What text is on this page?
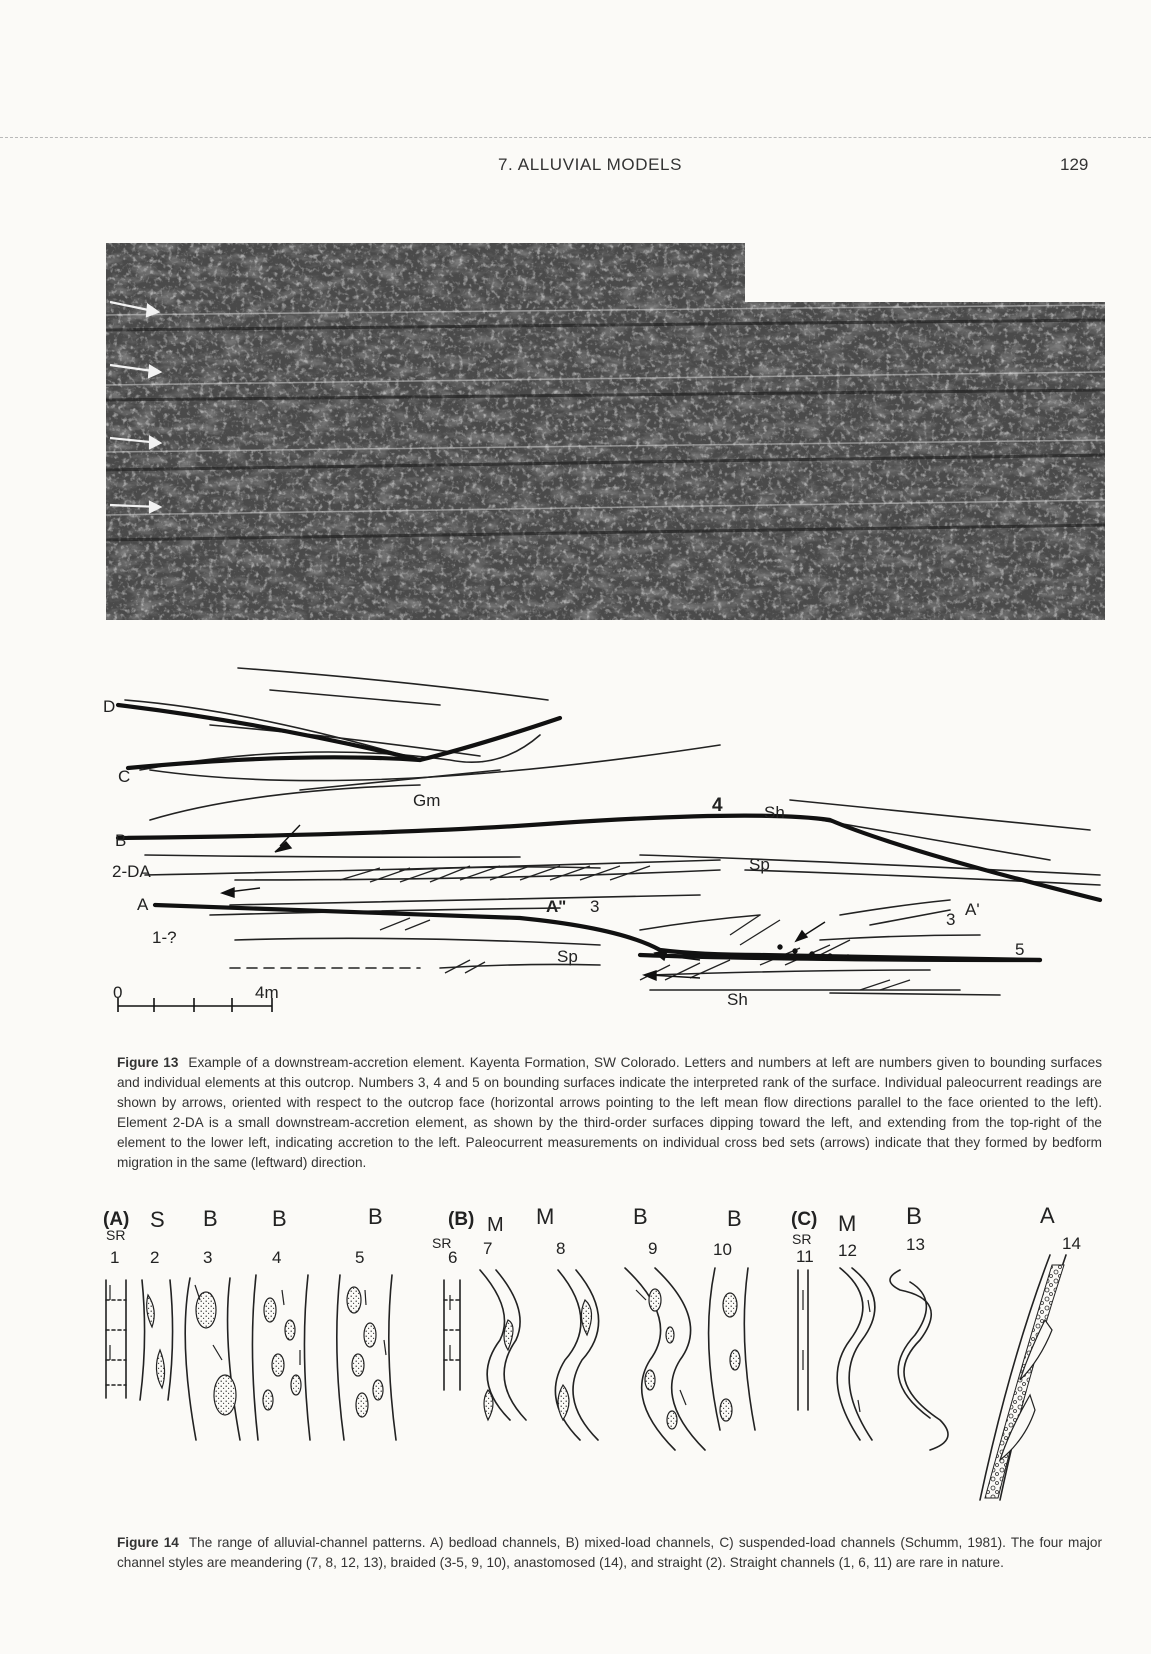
7. ALLUVIAL MODELS	129
D
C
B
2-DA
A
1-?
Gm	4 Sh
Sp
A" 3
3
A'
5
Sp
Sh
0	4m
Figure 13 Example of a downstream-accretion element. Kayenta Formation, SW Colorado. Letters and numbers at left are numbers given to bounding surfaces and individual elements at this outcrop. Numbers 3, 4 and 5 on bounding surfaces indicate the interpreted rank of the surface. Individual paleocurrent readings are shown by arrows, oriented with respect to the outcrop face (horizontal arrows pointing to the left mean flow directions parallel to the face oriented to the left). Element 2-DA is a small downstream-accretion element, as shown by the third-order surfaces dipping toward the left, and extending from the top-right of the element to the lower left, indicating accretion to the left. Paleocurrent measurements on individual cross bed sets (arrows) indicate that they formed by bedform migration in the same (leftward) direction.
(A)	(B)	(C)
SR
S B B	B
SR
M M	B	B
SR
M B	A
1 2	3	4	5	6 7	8	9	10	11 12	13	14
Figure 14 The range of alluvial-channel patterns. A) bedload channels, B) mixed-load channels, C) suspended-load channels (Schumm, 1981). The four major channel styles are meandering (7, 8, 12, 13), braided (3-5, 9, 10), anastomosed (14), and straight (2). Straight channels (1, 6, 11) are rare in nature.
